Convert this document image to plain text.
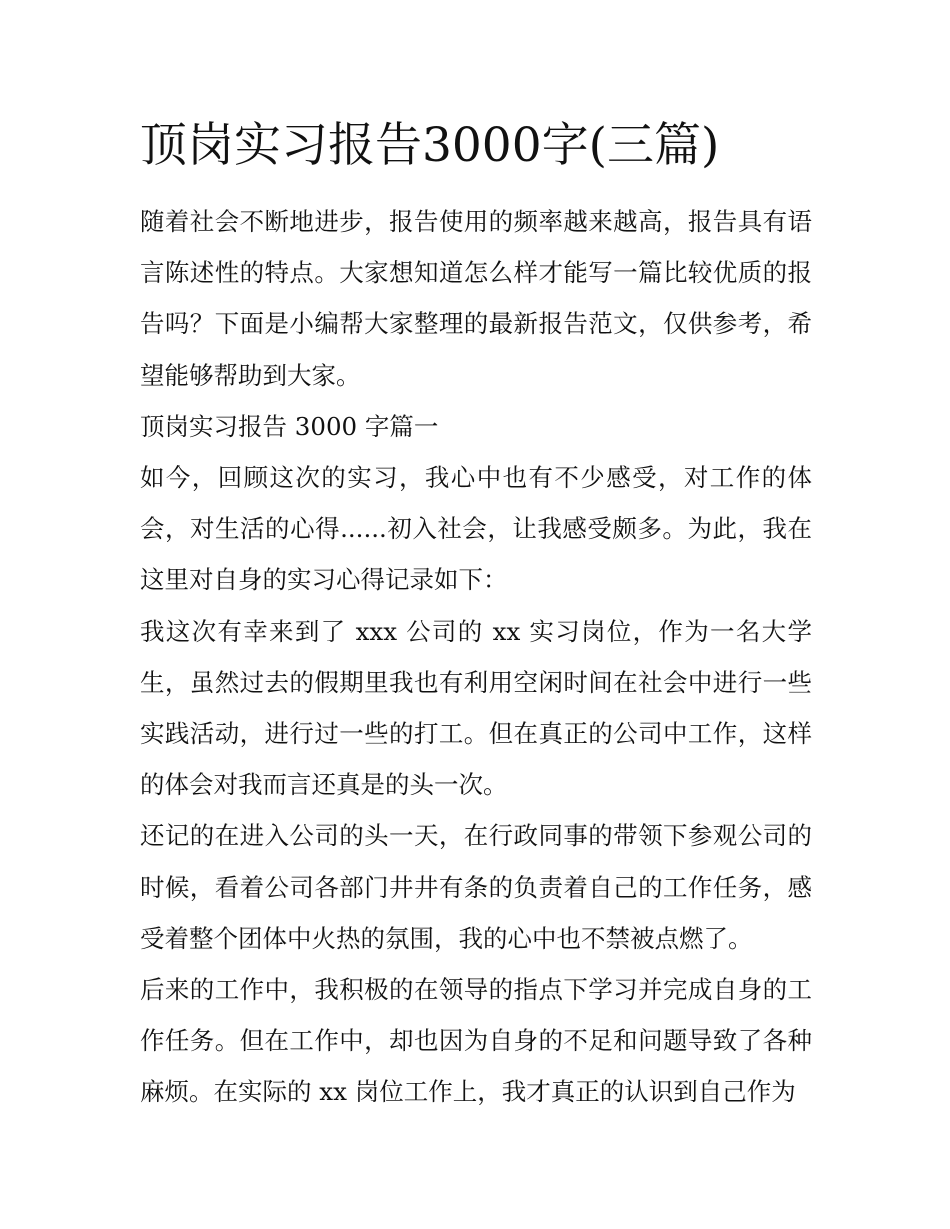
顶岗实习报告3000字(三篇)

随着社会不断地进步，报告使用的频率越来越高，报告具有语言陈述性的特点。大家想知道怎么样才能写一篇比较优质的报告吗？下面是小编帮大家整理的最新报告范文，仅供参考，希望能够帮助到大家。

顶岗实习报告 3000 字篇一

如今，回顾这次的实习，我心中也有不少感受，对工作的体会，对生活的心得......初入社会，让我感受颇多。为此，我在这里对自身的实习心得记录如下：

我这次有幸来到了 xxx 公司的 xx 实习岗位，作为一名大学生，虽然过去的假期里我也有利用空闲时间在社会中进行一些实践活动，进行过一些的打工。但在真正的公司中工作，这样的体会对我而言还真是的头一次。

还记的在进入公司的头一天，在行政同事的带领下参观公司的时候，看着公司各部门井井有条的负责着自己的工作任务，感受着整个团体中火热的氛围，我的心中也不禁被点燃了。

后来的工作中，我积极的在领导的指点下学习并完成自身的工作任务。但在工作中，却也因为自身的不足和问题导致了各种麻烦。在实际的 xx 岗位工作上，我才真正的认识到自己作为
